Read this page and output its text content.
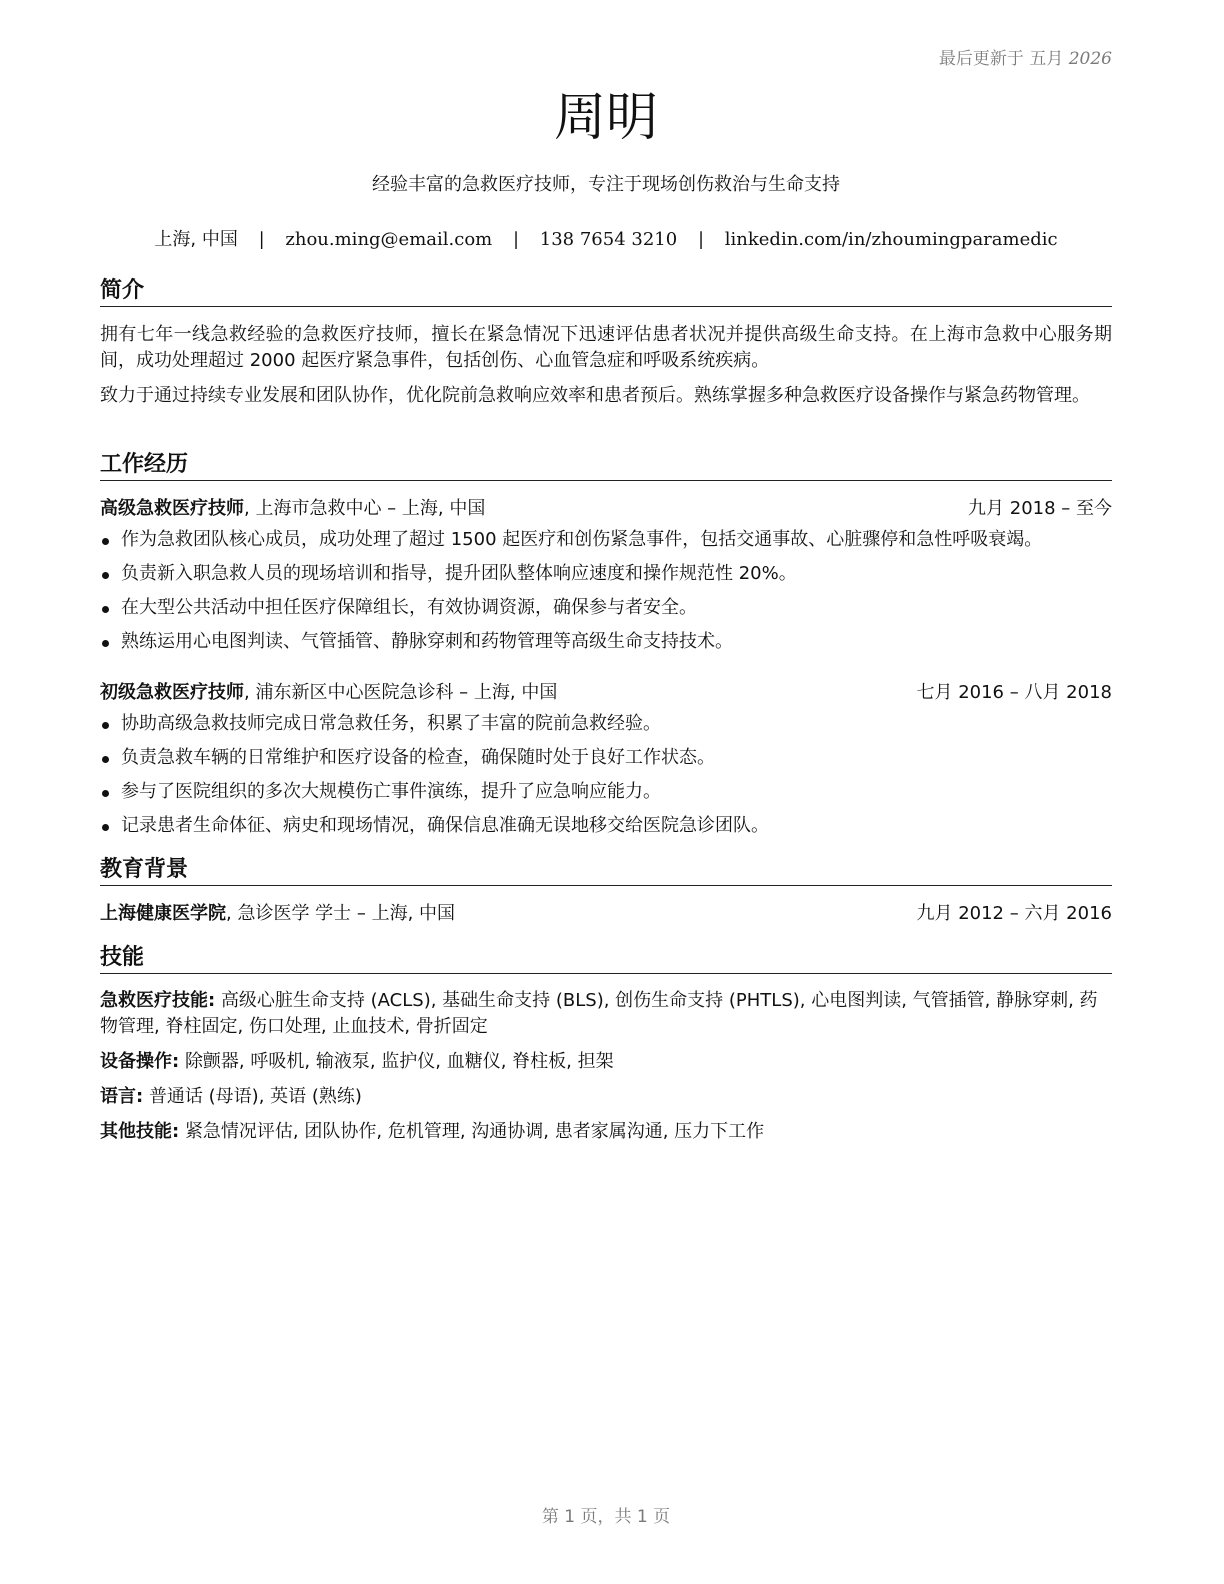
最后更新于 五月 2026
周明
经验丰富的急救医疗技师，专注于现场创伤救治与生命支持
上海, 中国 | zhou.ming@email.com | 138 7654 3210 | linkedin.com/in/zhoumingparamedic
简介
拥有七年一线急救经验的急救医疗技师，擅长在紧急情况下迅速评估患者状况并提供高级生命支持。在上海市急救中心服务期间，成功处理超过 2000 起医疗紧急事件，包括创伤、心血管急症和呼吸系统疾病。
致力于通过持续专业发展和团队协作，优化院前急救响应效率和患者预后。熟练掌握多种急救医疗设备操作与紧急药物管理。
工作经历
高级急救医疗技师, 上海市急救中心 – 上海, 中国	九月 2018 – 至今
作为急救团队核心成员，成功处理了超过 1500 起医疗和创伤紧急事件，包括交通事故、心脏骤停和急性呼吸衰竭。
负责新入职急救人员的现场培训和指导，提升团队整体响应速度和操作规范性 20%。
在大型公共活动中担任医疗保障组长，有效协调资源，确保参与者安全。
熟练运用心电图判读、气管插管、静脉穿刺和药物管理等高级生命支持技术。
初级急救医疗技师, 浦东新区中心医院急诊科 – 上海, 中国	七月 2016 – 八月 2018
协助高级急救技师完成日常急救任务，积累了丰富的院前急救经验。
负责急救车辆的日常维护和医疗设备的检查，确保随时处于良好工作状态。
参与了医院组织的多次大规模伤亡事件演练，提升了应急响应能力。
记录患者生命体征、病史和现场情况，确保信息准确无误地移交给医院急诊团队。
教育背景
上海健康医学院, 急诊医学 学士 – 上海, 中国	九月 2012 – 六月 2016
技能
急救医疗技能: 高级心脏生命支持 (ACLS), 基础生命支持 (BLS), 创伤生命支持 (PHTLS), 心电图判读, 气管插管, 静脉穿刺, 药物管理, 脊柱固定, 伤口处理, 止血技术, 骨折固定
设备操作: 除颤器, 呼吸机, 输液泵, 监护仪, 血糖仪, 脊柱板, 担架
语言: 普通话 (母语), 英语 (熟练)
其他技能: 紧急情况评估, 团队协作, 危机管理, 沟通协调, 患者家属沟通, 压力下工作
第 1 页，共 1 页
